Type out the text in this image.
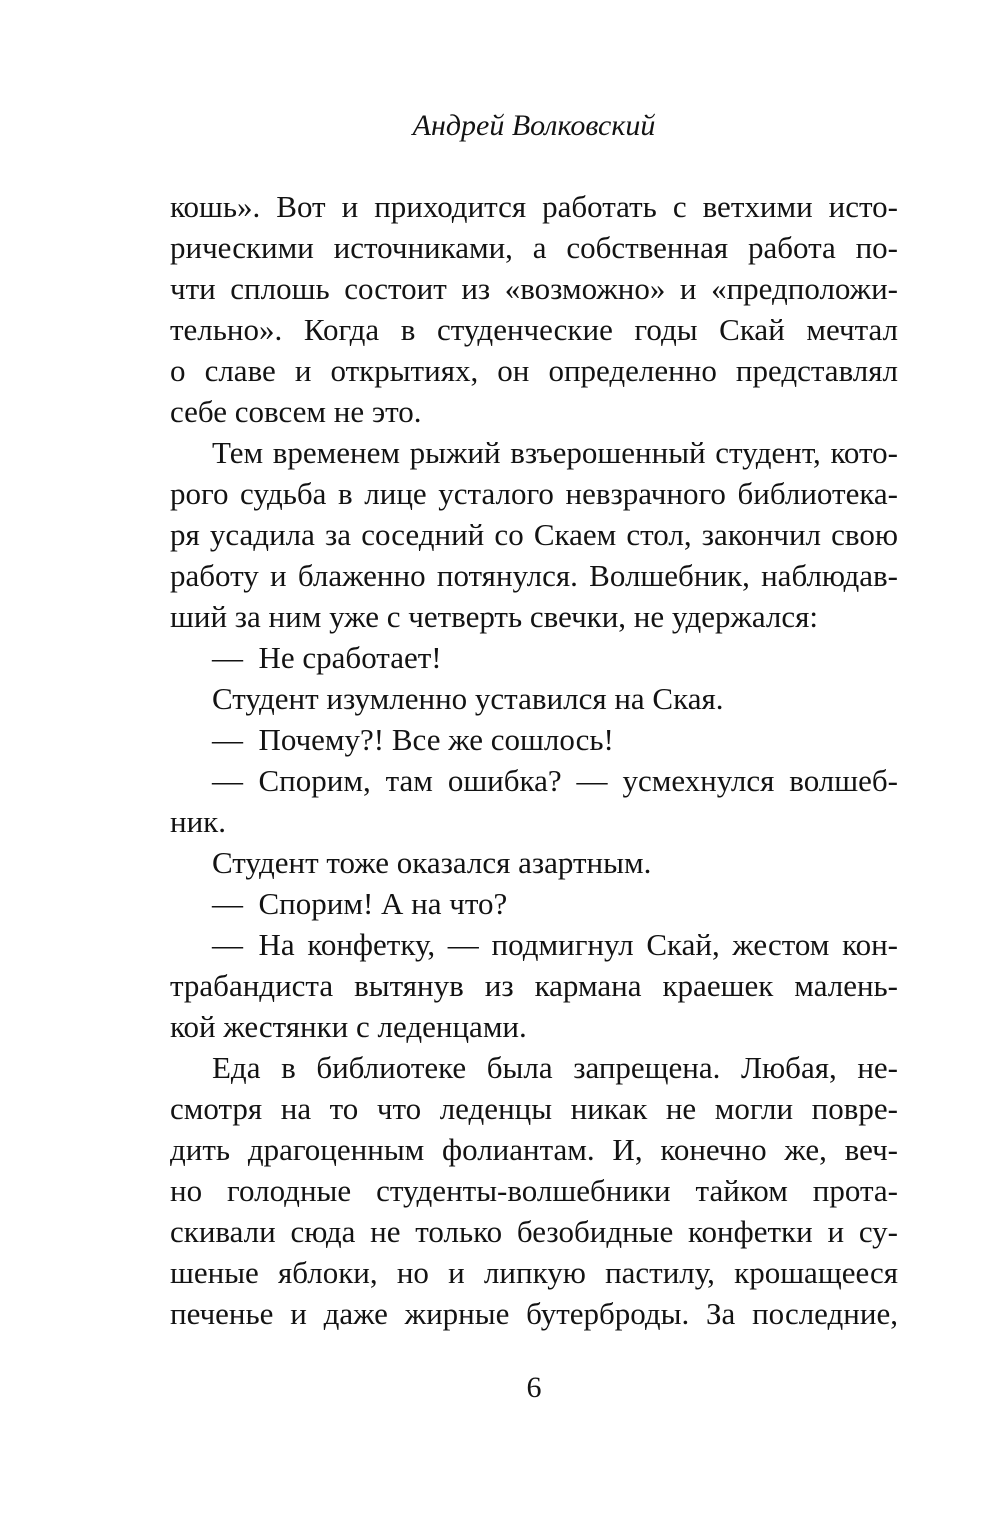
Андрей Волковский
кошь». Вот и приходится работать с ветхими исто-
рическими источниками, а собственная работа по-
чти сплошь состоит из «возможно» и «предположи-
тельно». Когда в студенческие годы Скай мечтал
о славе и открытиях, он определенно представлял
себе совсем не это.
Тем временем рыжий взъерошенный студент, кото-
рого судьба в лице усталого невзрачного библиотека-
ря усадила за соседний со Скаем стол, закончил свою
работу и блаженно потянулся. Волшебник, наблюдав-
ший за ним уже с четверть свечки, не удержался:
— Не сработает!
Студент изумленно уставился на Ская.
— Почему?! Все же сошлось!
— Спорим, там ошибка? — усмехнулся волшеб-
ник.
Студент тоже оказался азартным.
— Спорим! А на что?
— На конфетку, — подмигнул Скай, жестом кон-
трабандиста вытянув из кармана краешек малень-
кой жестянки с леденцами.
Еда в библиотеке была запрещена. Любая, не-
смотря на то что леденцы никак не могли повре-
дить драгоценным фолиантам. И, конечно же, веч-
но голодные студенты-волшебники тайком прота-
скивали сюда не только безобидные конфетки и су-
шеные яблоки, но и липкую пастилу, крошащееся
печенье и даже жирные бутерброды. За последние,
6
